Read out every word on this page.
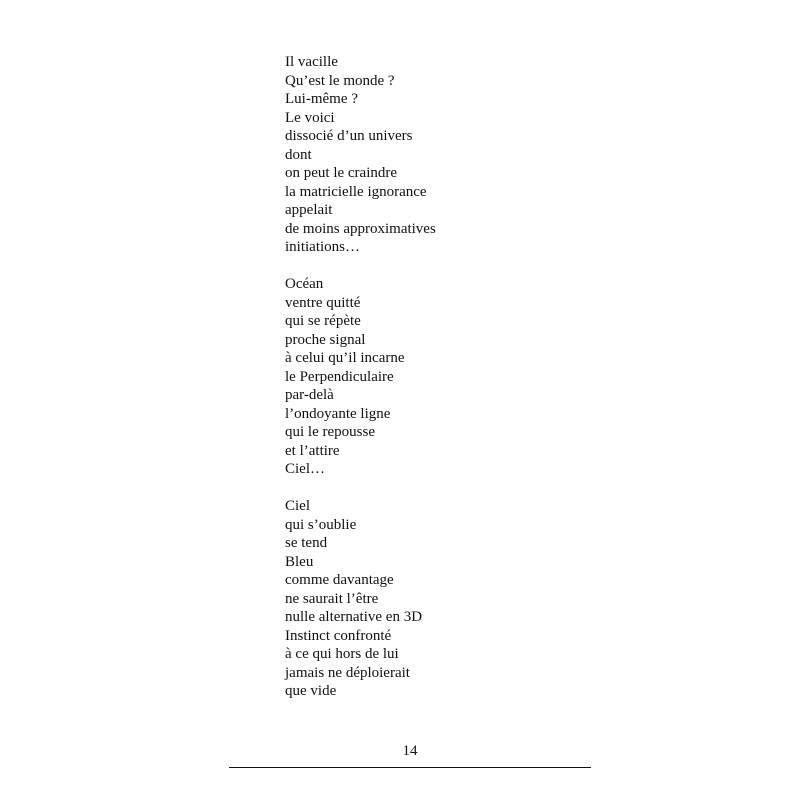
Il vacille
Qu’est le monde ?
Lui-même ?
Le voici
dissocié d’un univers
dont
on peut le craindre
la matricielle ignorance
appelait
de moins approximatives
initiations…
Océan
ventre quitté
qui se répète
proche signal
à celui qu’il incarne
le Perpendiculaire
par-delà
l’ondoyante ligne
qui le repousse
et l’attire
Ciel…
Ciel
qui s’oublie
se tend
Bleu
comme davantage
ne saurait l’être
nulle alternative en 3D
Instinct confronté
à ce qui hors de lui
jamais ne déploierait
que vide
14
